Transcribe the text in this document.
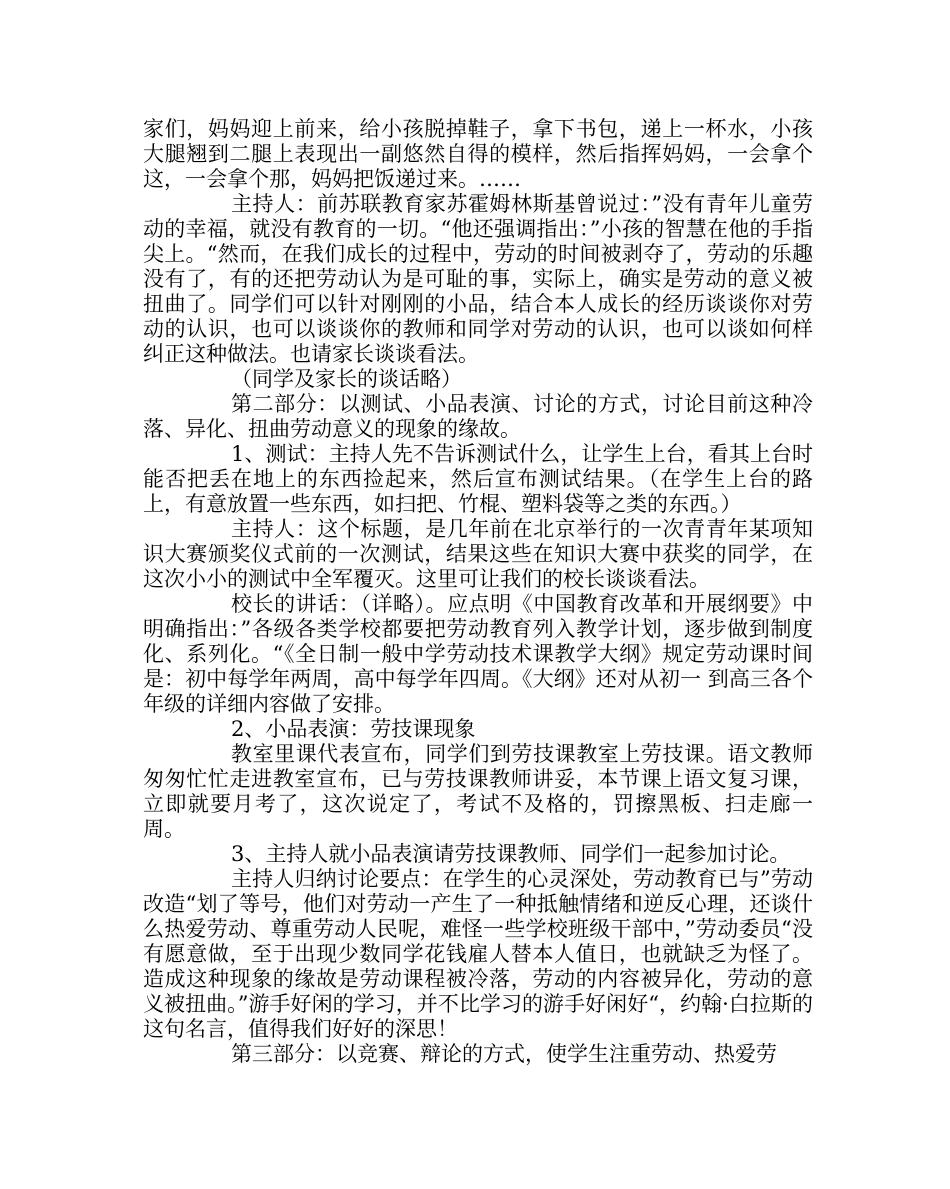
家们，妈妈迎上前来，给小孩脱掉鞋子，拿下书包，递上一杯水，小孩大腿翘到二腿上表现出一副悠然自得的模样，然后指挥妈妈，一会拿个这，一会拿个那，妈妈把饭递过来。……

主持人：前苏联教育家苏霍姆林斯基曾说过：”没有青年儿童劳动的幸福，就没有教育的一切。“他还强调指出：”小孩的智慧在他的手指尖上。“然而，在我们成长的过程中，劳动的时间被剥夺了，劳动的乐趣没有了，有的还把劳动认为是可耻的事，实际上，确实是劳动的意义被扭曲了。同学们可以针对刚刚的小品，结合本人成长的经历谈谈你对劳动的认识，也可以谈谈你的教师和同学对劳动的认识，也可以谈如何样纠正这种做法。也请家长谈谈看法。

（同学及家长的谈话略）

第二部分：以测试、小品表演、讨论的方式，讨论目前这种冷落、异化、扭曲劳动意义的现象的缘故。

1、测试：主持人先不告诉测试什么，让学生上台，看其上台时能否把丢在地上的东西捡起来，然后宣布测试结果。（在学生上台的路上，有意放置一些东西，如扫把、竹棍、塑料袋等之类的东西。）

主持人：这个标题，是几年前在北京举行的一次青青年某项知识大赛颁奖仪式前的一次测试，结果这些在知识大赛中获奖的同学，在这次小小的测试中全军覆灭。这里可让我们的校长谈谈看法。

校长的讲话：（详略）。应点明《中国教育改革和开展纲要》中明确指出：”各级各类学校都要把劳动教育列入教学计划，逐步做到制度化、系列化。“《全日制一般中学劳动技术课教学大纲》规定劳动课时间是：初中每学年两周，高中每学年四周。《大纲》还对从初一 到高三各个年级的详细内容做了安排。

2、小品表演：劳技课现象

教室里课代表宣布，同学们到劳技课教室上劳技课。语文教师匆匆忙忙走进教室宣布，已与劳技课教师讲妥，本节课上语文复习课，立即就要月考了，这次说定了，考试不及格的，罚擦黑板、扫走廊一周。

3、主持人就小品表演请劳技课教师、同学们一起参加讨论。

主持人归纳讨论要点：在学生的心灵深处，劳动教育已与”劳动改造“划了等号，他们对劳动一产生了一种抵触情绪和逆反心理，还谈什么热爱劳动、尊重劳动人民呢，难怪一些学校班级干部中，”劳动委员“没有愿意做，至于出现少数同学花钱雇人替本人值日，也就缺乏为怪了。造成这种现象的缘故是劳动课程被冷落，劳动的内容被异化，劳动的意义被扭曲。”游手好闲的学习，并不比学习的游手好闲好“，约翰·白拉斯的这句名言，值得我们好好的深思！

第三部分：以竞赛、辩论的方式，使学生注重劳动、热爱劳
